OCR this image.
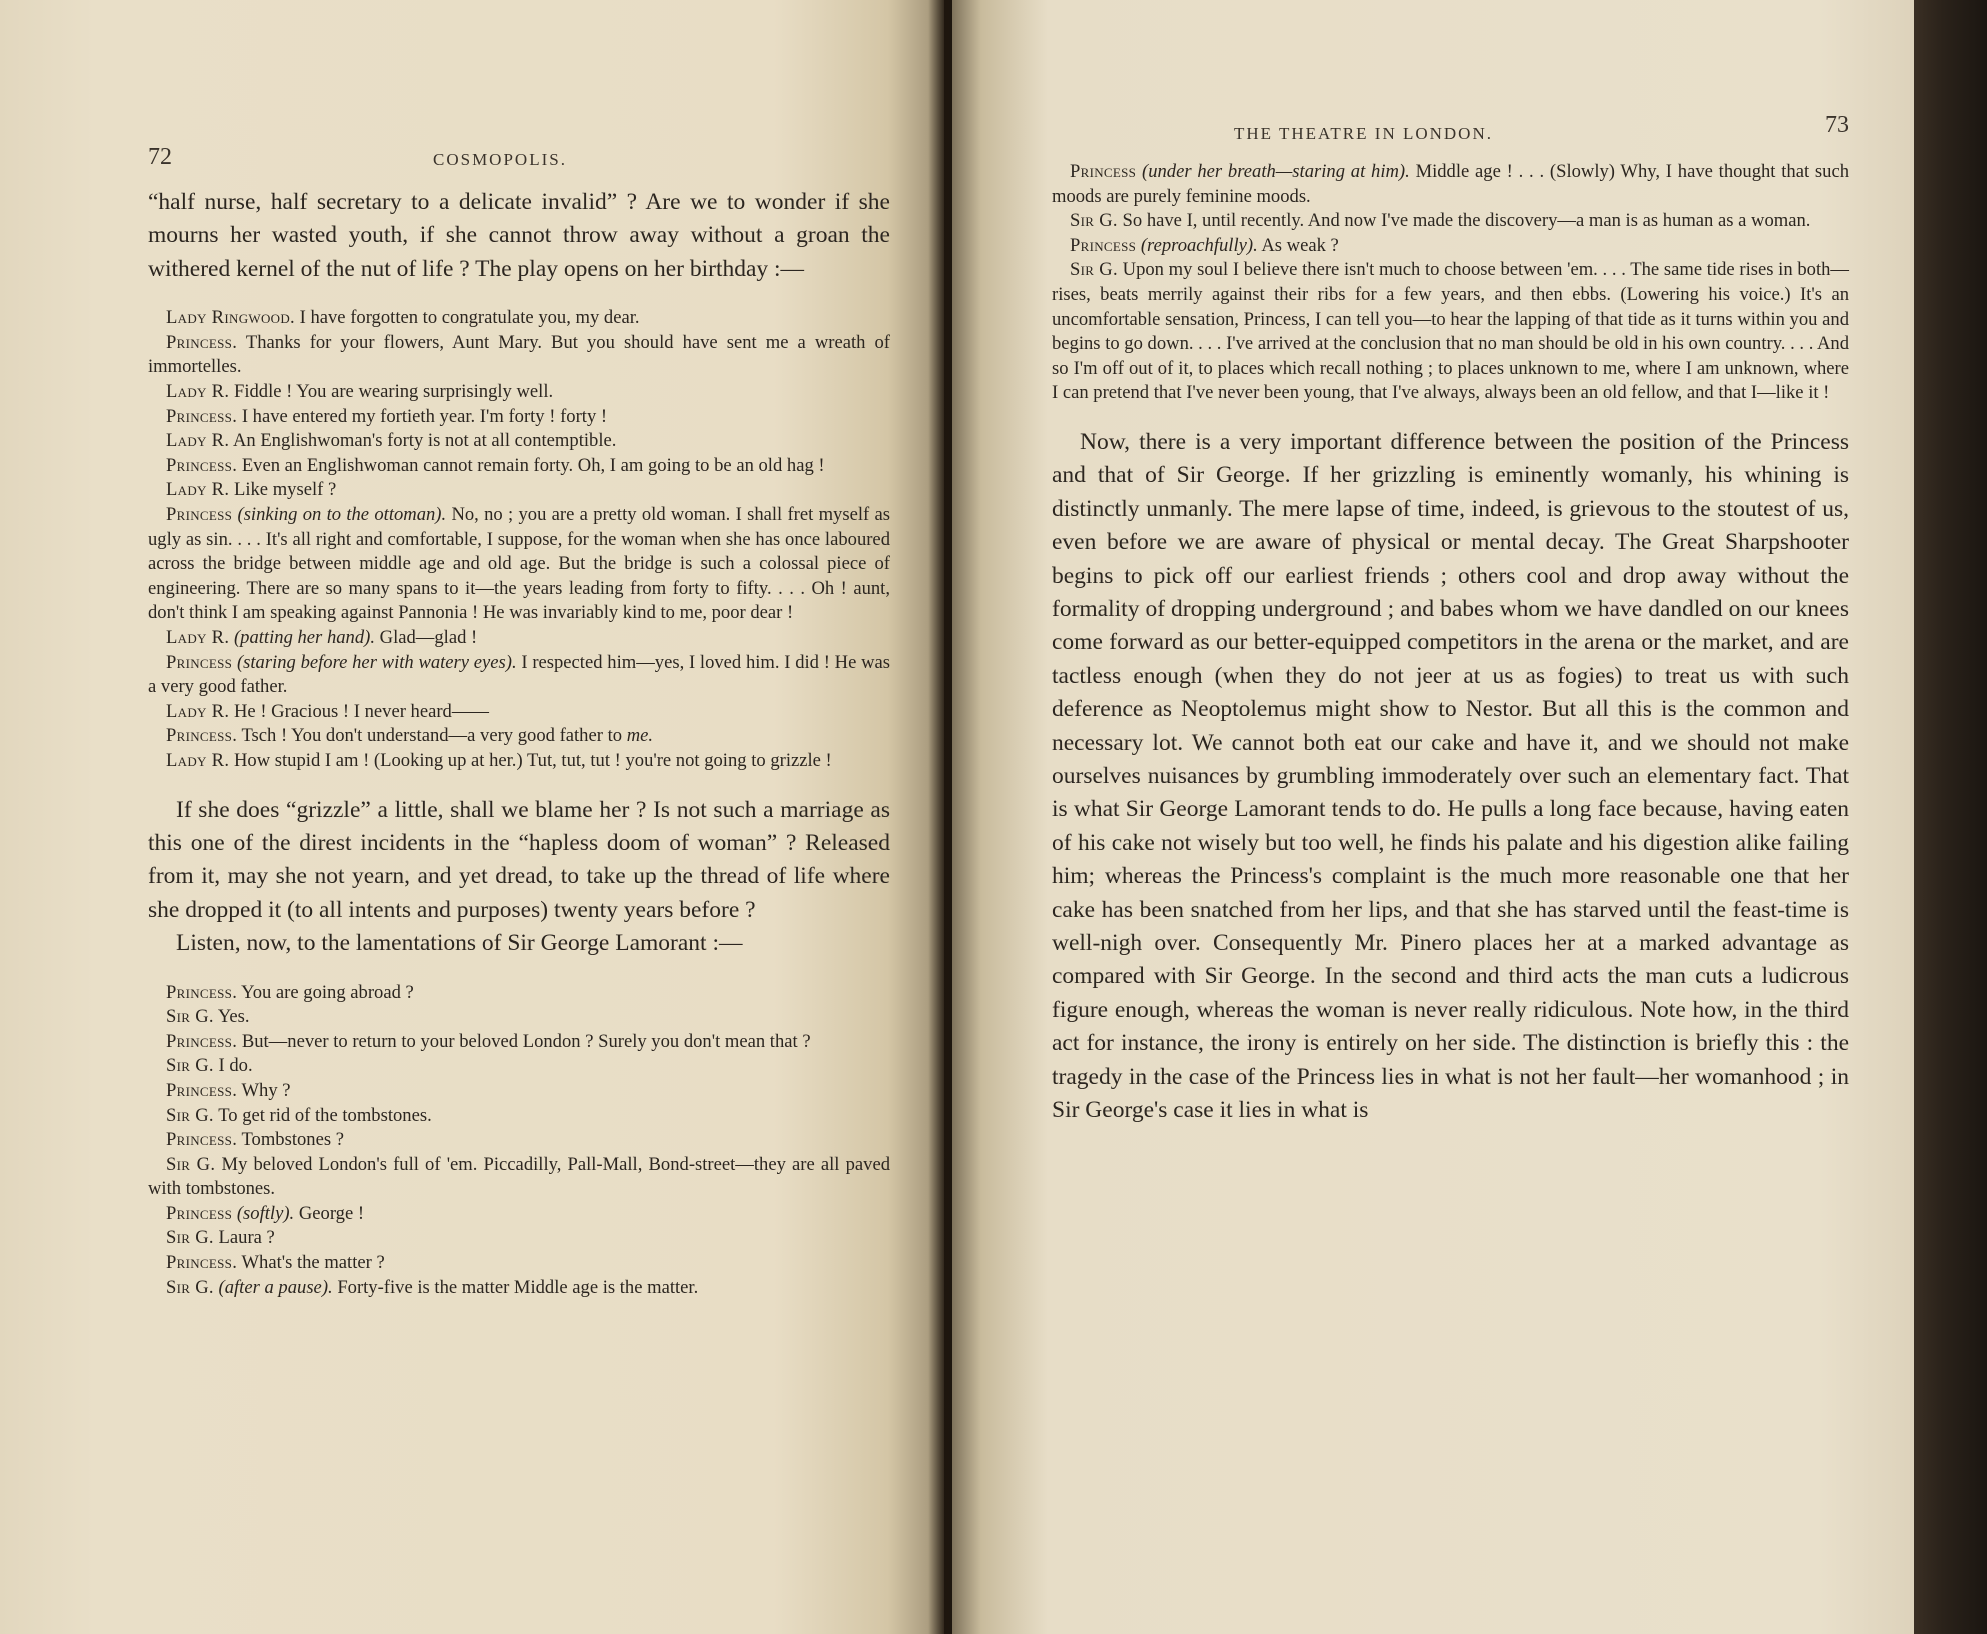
72	COSMOPOLIS.

“half nurse, half secretary to a delicate invalid” ? Are we to wonder if she mourns her wasted youth, if she cannot throw away without a groan the withered kernel of the nut of life ? The play opens on her birthday :—

Lady Ringwood. I have forgotten to congratulate you, my dear.

Princess. Thanks for your flowers, Aunt Mary. But you should have sent me a wreath of immortelles.

Lady R. Fiddle ! You are wearing surprisingly well.

Princess. I have entered my fortieth year. I'm forty ! forty !

Lady R. An Englishwoman's forty is not at all contemptible.

Princess. Even an Englishwoman cannot remain forty. Oh, I am going to be an old hag !

Lady R. Like myself ?

Princess (sinking on to the ottoman). No, no ; you are a pretty old woman. I shall fret myself as ugly as sin. . . . It's all right and comfortable, I suppose, for the woman when she has once laboured across the bridge between middle age and old age. But the bridge is such a colossal piece of engineering. There are so many spans to it—the years leading from forty to fifty. . . . Oh ! aunt, don't think I am speaking against Pannonia ! He was invariably kind to me, poor dear !

Lady R. (patting her hand). Glad—glad !

Princess (staring before her with watery eyes). I respected him—yes, I loved him. I did ! He was a very good father.

Lady R. He ! Gracious ! I never heard——

Princess. Tsch ! You don't understand—a very good father to me.

Lady R. How stupid I am ! (Looking up at her.) Tut, tut, tut ! you're not going to grizzle !

If she does “grizzle” a little, shall we blame her ? Is not such a marriage as this one of the direst incidents in the “hapless doom of woman” ? Released from it, may she not yearn, and yet dread, to take up the thread of life where she dropped it (to all intents and purposes) twenty years before ?

Listen, now, to the lamentations of Sir George Lamorant :—

Princess. You are going abroad ?

Sir G. Yes.

Princess. But—never to return to your beloved London ? Surely you don't mean that ?

Sir G. I do.

Princess. Why ?

Sir G. To get rid of the tombstones.

Princess. Tombstones ?

Sir G. My beloved London's full of 'em. Piccadilly, Pall-Mall, Bond-street—they are all paved with tombstones.

Princess (softly). George !

Sir G. Laura ?

Princess. What's the matter ?

Sir G. (after a pause). Forty-five is the matter Middle age is the matter.

THE THEATRE IN LONDON.	73

Princess (under her breath—staring at him). Middle age ! . . . (Slowly) Why, I have thought that such moods are purely feminine moods.

Sir G. So have I, until recently. And now I've made the discovery—a man is as human as a woman.

Princess (reproachfully). As weak ?

Sir G. Upon my soul I believe there isn't much to choose between 'em. . . . The same tide rises in both—rises, beats merrily against their ribs for a few years, and then ebbs. (Lowering his voice.) It's an uncomfortable sensation, Princess, I can tell you—to hear the lapping of that tide as it turns within you and begins to go down. . . . I've arrived at the conclusion that no man should be old in his own country. . . . And so I'm off out of it, to places which recall nothing ; to places unknown to me, where I am unknown, where I can pretend that I've never been young, that I've always, always been an old fellow, and that I—like it !

Now, there is a very important difference between the position of the Princess and that of Sir George. If her grizzling is eminently womanly, his whining is distinctly unmanly. The mere lapse of time, indeed, is grievous to the stoutest of us, even before we are aware of physical or mental decay. The Great Sharpshooter begins to pick off our earliest friends ; others cool and drop away without the formality of dropping underground ; and babes whom we have dandled on our knees come forward as our better-equipped competitors in the arena or the market, and are tactless enough (when they do not jeer at us as fogies) to treat us with such deference as Neoptolemus might show to Nestor. But all this is the common and necessary lot. We cannot both eat our cake and have it, and we should not make ourselves nuisances by grumbling immoderately over such an elementary fact. That is what Sir George Lamorant tends to do. He pulls a long face because, having eaten of his cake not wisely but too well, he finds his palate and his digestion alike failing him; whereas the Princess's complaint is the much more reasonable one that her cake has been snatched from her lips, and that she has starved until the feast-time is well-nigh over. Consequently Mr. Pinero places her at a marked advantage as compared with Sir George. In the second and third acts the man cuts a ludicrous figure enough, whereas the woman is never really ridiculous. Note how, in the third act for instance, the irony is entirely on her side. The distinction is briefly this : the tragedy in the case of the Princess lies in what is not her fault—her womanhood ; in Sir George's case it lies in what is
